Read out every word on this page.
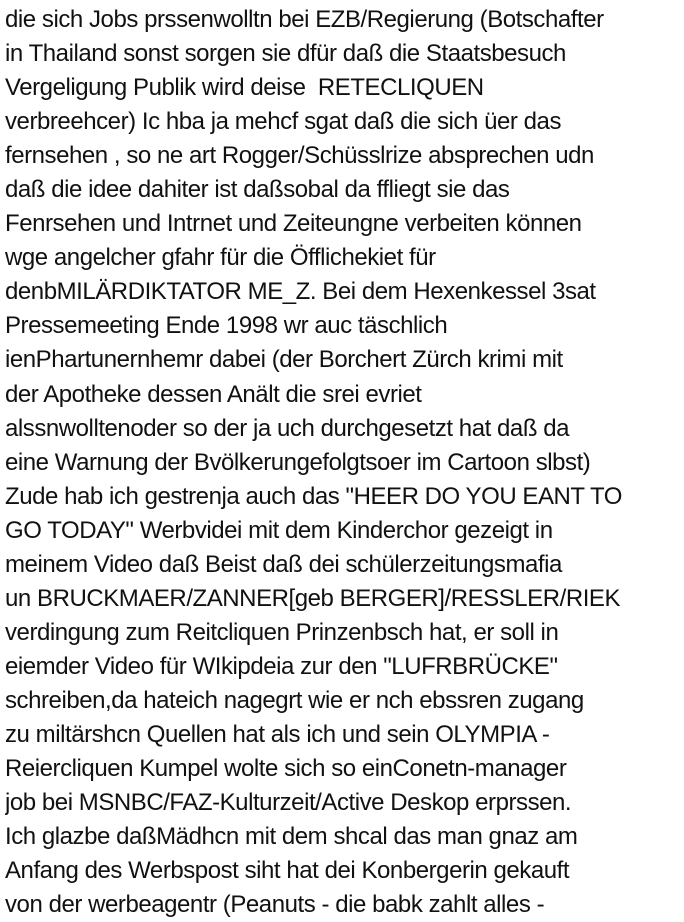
die sich Jobs prssenwolltn bei EZB/Regierung (Botschafter
in Thailand sonst sorgen sie dfür daß die Staatsbesuch
Vergeligung Publik wird deise  RETECLIQUEN
verbreehcer) Ic hba ja mehcf sgat daß die sich üer das
fernsehen , so ne art Rogger/Schüsslrize absprechen udn
daß die idee dahiter ist daßsobal da ffliegt sie das
Fenrsehen und Intrnet und Zeiteungne verbeiten können
wge angelcher gfahr für die Öfflichekiet für
denbMILÄRDIKTATOR ME_Z. Bei dem Hexenkessel 3sat
Pressemeeting Ende 1998 wr auc täschlich
ienPhartunernhemr dabei (der Borchert Zürch krimi mit
der Apotheke dessen Anält die srei evriet
alssnwolltenoder so der ja uch durchgesetzt hat daß da
eine Warnung der Bvölkerungefolgtsoer im Cartoon slbst)
Zude hab ich gestrenja auch das "HEER DO YOU EANT TO
GO TODAY" Werbvidei mit dem Kinderchor gezeigt in
meinem Video daß Beist daß dei schülerzeitungsmafia
un BRUCKMAER/ZANNER[geb BERGER]/RESSLER/RIEK
verdingung zum Reitcliquen Prinzenbsch hat, er soll in
eiemder Video für WIkipdeia zur den "LUFRBRÜCKE"
schreiben,da hateich nagegrt wie er nch ebssren zugang
zu miltärshcn Quellen hat als ich und sein OLYMPIA -
Reiercliquen Kumpel wolte sich so einConetn-manager
job bei MSNBC/FAZ-Kulturzeit/Active Deskop erprssen.
Ich glazbe daßMädhcn mit dem shcal das man gnaz am
Anfang des Werbspost siht hat dei Konbergerin gekauft
von der werbeagentr (Peanuts - die babk zahlt alles -
